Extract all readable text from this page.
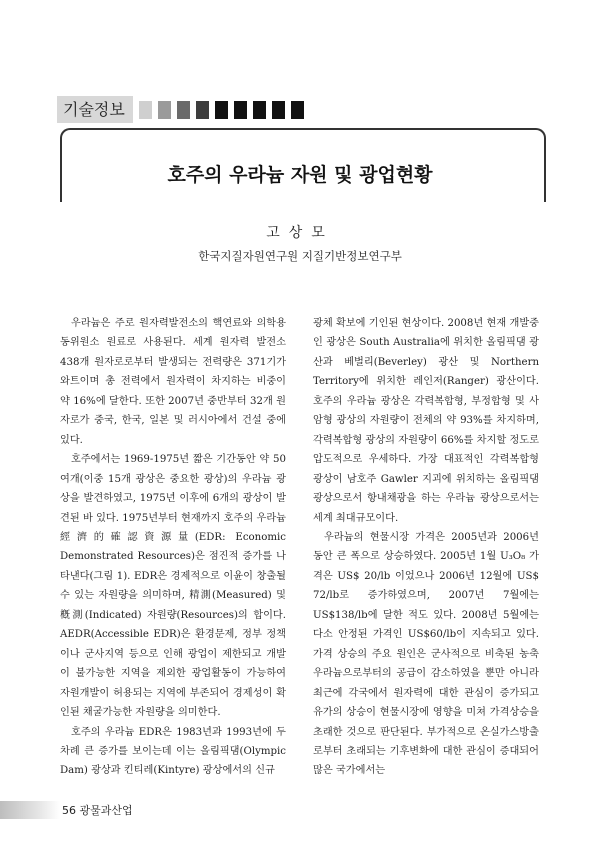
기술정보
호주의 우라늄 자원 및 광업현황
고상모
한국지질자원연구원 지질기반정보연구부

우라늄은 주로 원자력발전소의 핵연료와 의학용 동위원소 원료로 사용된다. 세계 원자력 발전소 438개 원자로로부터 발생되는 전력량은 371기가와트이며 총 전력에서 원자력이 차지하는 비중이 약 16%에 달한다. 또한 2007년 중반부터 32개 원자로가 중국, 한국, 일본 및 러시아에서 건설 중에 있다.

호주에서는 1969-1975년 짧은 기간동안 약 50여개(이중 15개 광상은 중요한 광상)의 우라늄 광상을 발견하였고, 1975년 이후에 6개의 광상이 발견된 바 있다. 1975년부터 현재까지 호주의 우라늄 經濟的確認資源量(EDR: Economic Demonstrated Resources)은 점진적 증가를 나타낸다(그림 1). EDR은 경제적으로 이윤이 창출될 수 있는 자원량을 의미하며, 精測(Measured) 및 槪測(Indicated) 자원량(Resources)의 합이다. AEDR(Accessible EDR)은 환경문제, 정부 정책이나 군사지역 등으로 인해 광업이 제한되고 개발이 불가능한 지역을 제외한 광업활동이 가능하여 자원개발이 허용되는 지역에 부존되어 경제성이 확인된 채굴가능한 자원량을 의미한다.

호주의 우라늄 EDR은 1983년과 1993년에 두차례 큰 증가를 보이는데 이는 올림픽댐(Olympic Dam) 광상과 킨티레(Kintyre) 광상에서의 신규

광체 확보에 기인된 현상이다. 2008년 현재 개발중인 광상은 South Australia에 위치한 올림픽댐 광산과 베벌리(Beverley) 광산 및 Northern Territory에 위치한 레인저(Ranger) 광산이다. 호주의 우라늄 광상은 각력복합형, 부정합형 및 사암형 광상의 자원량이 전체의 약 93%를 차지하며, 각력복합형 광상의 자원량이 66%를 차지할 정도로 압도적으로 우세하다. 가장 대표적인 각력복합형 광상이 남호주 Gawler 지괴에 위치하는 올림픽댐 광상으로서 항내채광을 하는 우라늄 광상으로서는 세계 최대규모이다.

우라늄의 현물시장 가격은 2005년과 2006년 동안 큰 폭으로 상승하였다. 2005년 1월 U₃O₈ 가격은 US$ 20/lb 이었으나 2006년 12월에 US$ 72/lb로 증가하였으며, 2007년 7월에는 US$138/lb에 달한 적도 있다. 2008년 5월에는 다소 안정된 가격인 US$60/lb이 지속되고 있다. 가격 상승의 주요 원인은 군사적으로 비축된 농축 우라늄으로부터의 공급이 감소하였을 뿐만 아니라 최근에 각국에서 원자력에 대한 관심이 증가되고 유가의 상승이 현물시장에 영향을 미쳐 가격상승을 초래한 것으로 판단된다. 부가적으로 온실가스방출로부터 초래되는 기후변화에 대한 관심이 증대되어 많은 국가에서는

56 광물과산업
